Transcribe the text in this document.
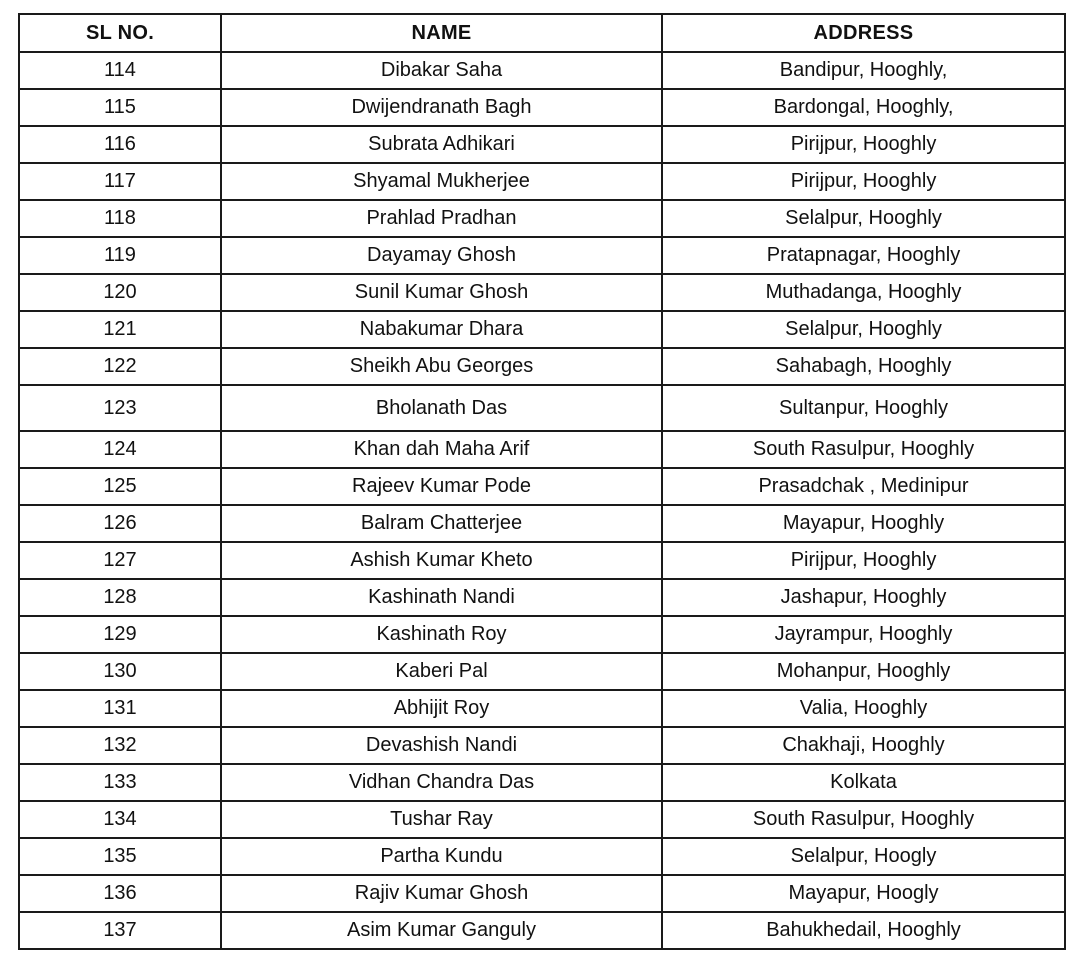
SL NO.	NAME	ADDRESS
114	Dibakar Saha	Bandipur, Hooghly,
115	Dwijendranath Bagh	Bardongal, Hooghly,
116	Subrata Adhikari	Pirijpur, Hooghly
117	Shyamal Mukherjee	Pirijpur, Hooghly
118	Prahlad Pradhan	Selalpur, Hooghly
119	Dayamay Ghosh	Pratapnagar, Hooghly
120	Sunil Kumar Ghosh	Muthadanga, Hooghly
121	Nabakumar Dhara	Selalpur, Hooghly
122	Sheikh Abu Georges	Sahabagh, Hooghly
123	Bholanath Das	Sultanpur, Hooghly
124	Khan dah Maha Arif	South Rasulpur, Hooghly
125	Rajeev Kumar Pode	Prasadchak , Medinipur
126	Balram Chatterjee	Mayapur, Hooghly
127	Ashish Kumar Kheto	Pirijpur, Hooghly
128	Kashinath Nandi	Jashapur, Hooghly
129	Kashinath Roy	Jayrampur, Hooghly
130	Kaberi Pal	Mohanpur, Hooghly
131	Abhijit Roy	Valia, Hooghly
132	Devashish Nandi	Chakhaji, Hooghly
133	Vidhan Chandra Das	Kolkata
134	Tushar Ray	South Rasulpur, Hooghly
135	Partha Kundu	Selalpur, Hoogly
136	Rajiv Kumar Ghosh	Mayapur, Hoogly
137	Asim Kumar Ganguly	Bahukhedail, Hooghly
